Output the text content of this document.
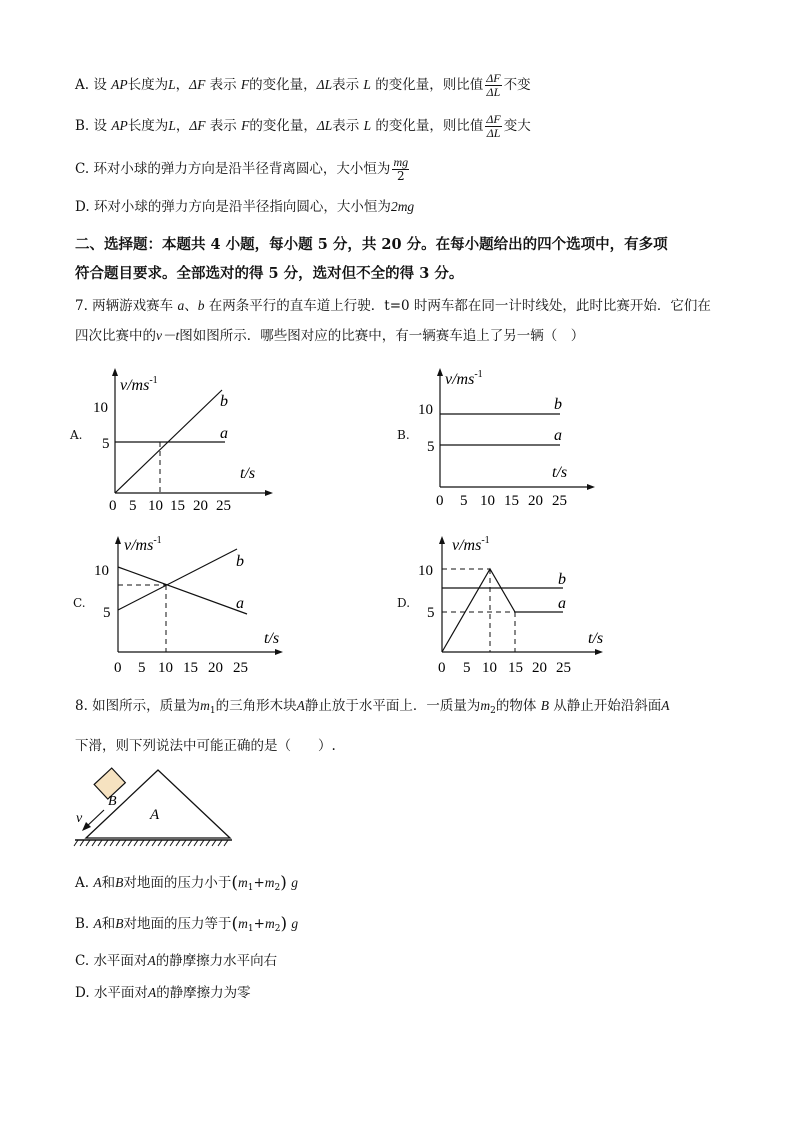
A. 设 AP长度为L，ΔF 表示 F的变化量，ΔL表示 L 的变化量，则比值 $\frac{\Delta F}{\Delta L}$ 不变
B. 设 AP长度为L，ΔF 表示 F的变化量，ΔL表示 L 的变化量，则比值 $\frac{\Delta F}{\Delta L}$ 变大
C. 环对小球的弹力方向是沿半径背离圆心，大小恒为 $\frac{mg}{2}$
D. 环对小球的弹力方向是沿半径指向圆心，大小恒为2mg
二、选择题：本题共 4 小题，每小题 5 分，共 20 分。在每小题给出的四个选项中，有多项
符合题目要求。全部选对的得 5 分，选对但不全的得 3 分。
7. 两辆游戏赛车 a、b 在两条平行的直车道上行驶．t=0 时两车都在同一计时线处，此时比赛开始．它们在
四次比赛中的v－t图如图所示．哪些图对应的比赛中，有一辆赛车追上了另一辆（　）
A.
$v/ms^{-1}$
t/s
0 5 10 15 20 25
5
10
a
b
B.
$v/ms^{-1}$
t/s
0 5 10 15 20 25
5
10
a
b
C.
$v/ms^{-1}$
t/s
0 5 10 15 20 25
5
10
a
b
D.
$v/ms^{-1}$
t/s
0 5 10 15 20 25
5
10
a
b
8. 如图所示，质量为$m_1$的三角形木块A静止放于水平面上．一质量为$m_2$的物体 B 从静止开始沿斜面A
下滑，则下列说法中可能正确的是（　　）.
A
B
v
A. A和B对地面的压力小于$(m_1+m_2)$ g
B. A和B对地面的压力等于$(m_1+m_2)$ g
C. 水平面对A的静摩擦力水平向右
D. 水平面对A的静摩擦力为零
